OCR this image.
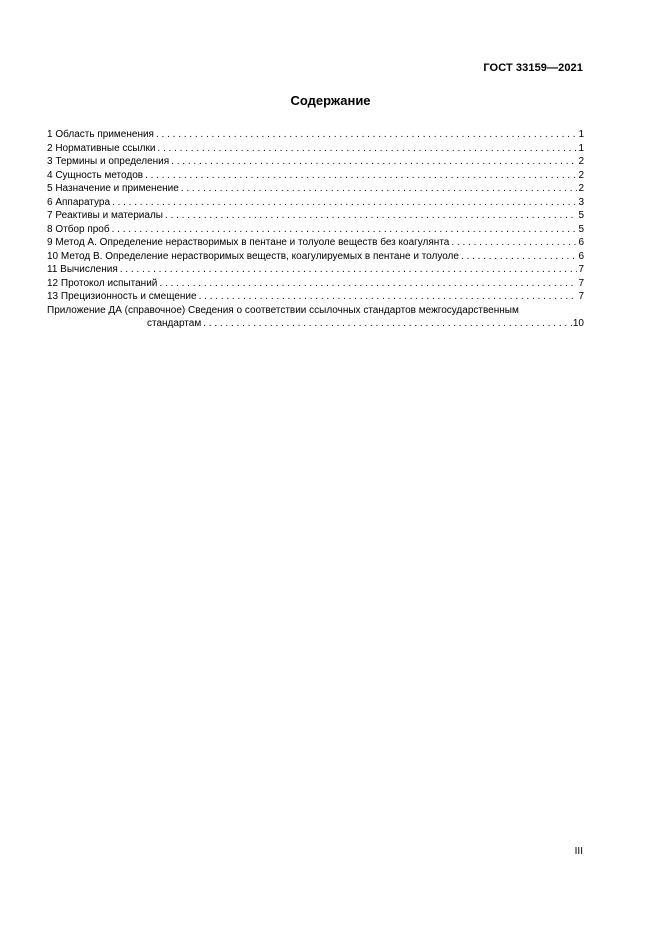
ГОСТ 33159—2021
Содержание
1 Область применения . . .	1
2 Нормативные ссылки . . .	1
3 Термины и определения . . .	2
4 Сущность методов . . .	2
5 Назначение и применение . . .	2
6 Аппаратура . . .	3
7 Реактивы и материалы . . .	5
8 Отбор проб . . .	5
9 Метод А. Определение нерастворимых в пентане и толуоле веществ без коагулянта . . .	6
10 Метод В. Определение нерастворимых веществ, коагулируемых в пентане и толуоле . . .	6
11 Вычисления . . .	7
12 Протокол испытаний . . .	7
13 Прецизионность и смещение . . .	7
Приложение ДА (справочное) Сведения о соответствии ссылочных стандартов межгосударственным
стандартам . . .	10
III
